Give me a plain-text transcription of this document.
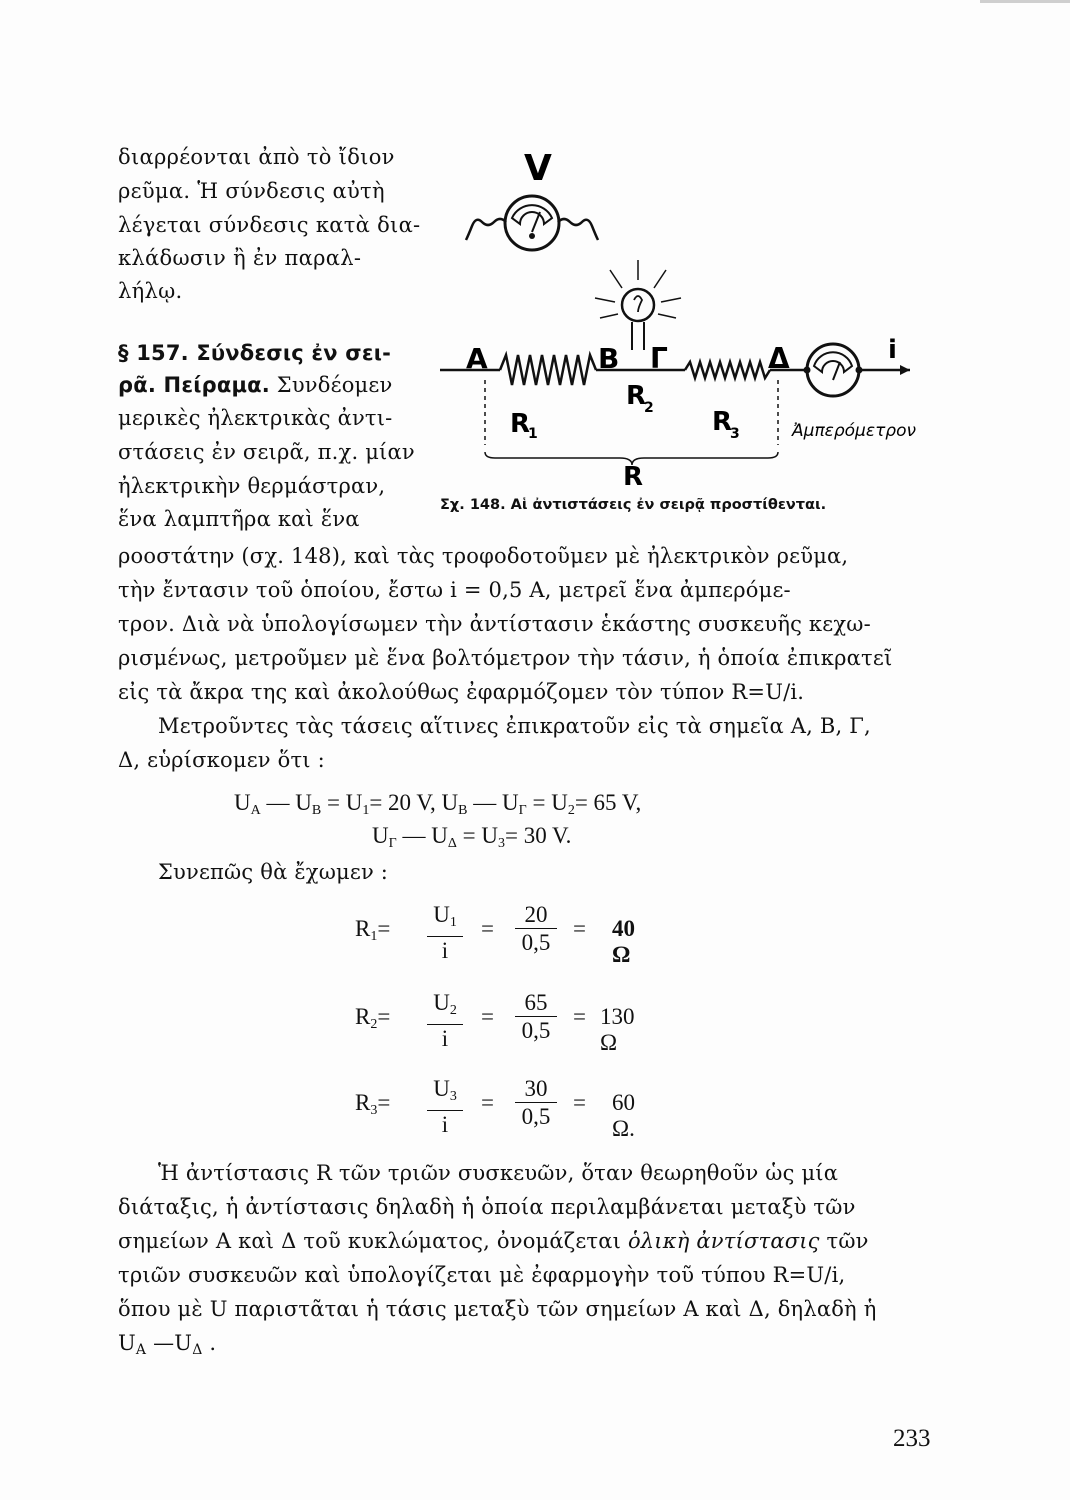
διαρρέονται ἀπὸ τὸ ἴδιον
ρεῦμα. Ἡ σύνδεσις αὐτὴ
λέγεται σύνδεσις κατὰ δια-
κλάδωσιν ἢ ἐν παραλ-
λήλῳ.
§ 157. Σύνδεσις ἐν σει-
ρᾶ. Πείραμα. Συνδέομεν
μερικὲς ἠλεκτρικὰς ἀντι-
στάσεις ἐν σειρᾶ, π.χ. μίαν
ἠλεκτρικὴν θερμάστραν,
ἕνα λαμπτῆρα καὶ ἕνα
V
A	B Γ	Δ	i
R
1
R
2 R
3
R
Ἀμπερόμετρον
Σχ. 148. Αἱ ἀντιστάσεις ἐν σειρᾷ προστίθενται.
ροοστάτην (σχ. 148), καὶ τὰς τροφοδοτοῦμεν μὲ ἠλεκτρικὸν ρεῦμα,
τὴν ἔντασιν τοῦ ὁποίου, ἔστω i = 0,5 A, μετρεῖ ἕνα ἀμπερόμε-
τρον. Διὰ νὰ ὑπολογίσωμεν τὴν ἀντίστασιν ἑκάστης συσκευῆς κεχω-
ρισμένως, μετροῦμεν μὲ ἕνα βολτόμετρον τὴν τάσιν, ἡ ὁποία ἐπικρατεῖ
εἰς τὰ ἄκρα της καὶ ἀκολούθως ἐφαρμόζομεν τὸν τύπον R=U/i.
Μετροῦντες τὰς τάσεις αἵτινες ἐπικρατοῦν εἰς τὰ σημεῖα A, B, Γ,
Δ, εὑρίσκομεν ὅτι :
$U_A$ — $U_B = U_1= 20$ V, $U_B$ — $U_\Gamma = U_2= 65$ V,
$U_\Gamma$ — $U_\Delta = U_3= 30$ V.
Συνεπῶς θὰ ἔχωμεν :
$R_1= \frac{U_1}{i} = \frac{20}{0,5} = 40$ Ω
$R_2= \frac{U_2}{i} = \frac{65}{0,5} = 130$ Ω
$R_3= \frac{U_3}{i} = \frac{30}{0,5} = 60$ Ω.
Ἡ ἀντίστασις R τῶν τριῶν συσκευῶν, ὅταν θεωρηθοῦν ὡς μία
διάταξις, ἡ ἀντίστασις δηλαδὴ ἡ ὁποία περιλαμβάνεται μεταξὺ τῶν
σημείων A καὶ Δ τοῦ κυκλώματος, ὀνομάζεται ὁλικὴ ἀντίστασις τῶν
τριῶν συσκευῶν καὶ ὑπολογίζεται μὲ ἐφαρμογὴν τοῦ τύπου R=U/i,
ὅπου μὲ U παριστᾶται ἡ τάσις μεταξὺ τῶν σημείων A καὶ Δ, δηλαδὴ ἡ
$U_A$ $—U_\Delta$ .
233
